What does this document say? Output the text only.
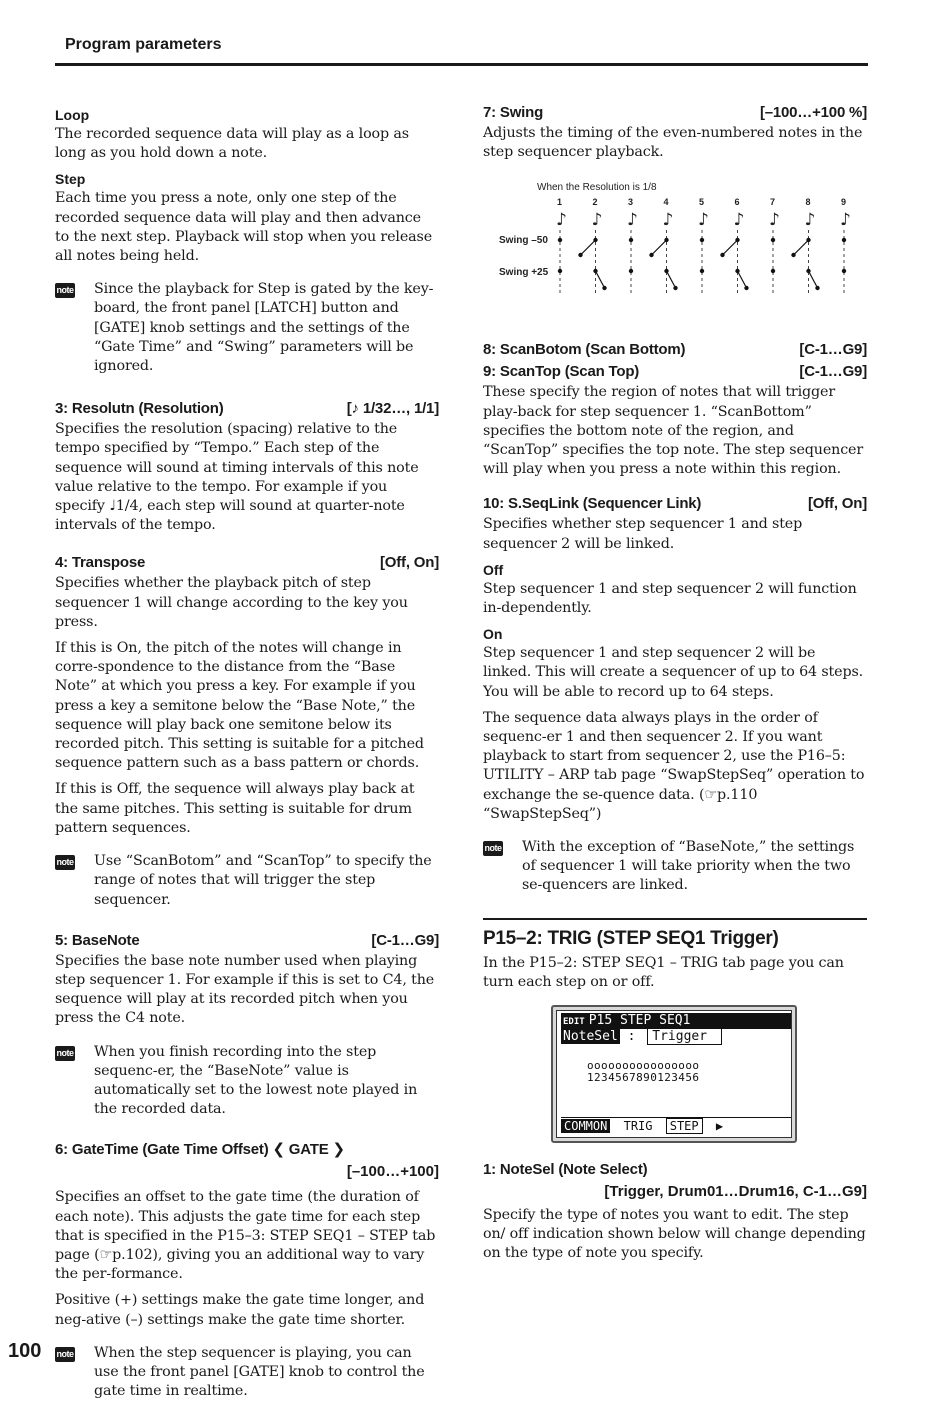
Program parameters
Loop
The recorded sequence data will play as a loop as long as you hold down a note.
Step
Each time you press a note, only one step of the recorded sequence data will play and then advance to the next step. Playback will stop when you release all notes being held.
note Since the playback for Step is gated by the key-board, the front panel [LATCH] button and [GATE] knob settings and the settings of the “Gate Time” and “Swing” parameters will be ignored.
3: Resolutn (Resolution)	[♪ 1/32…, 1/1]
Specifies the resolution (spacing) relative to the tempo specified by “Tempo.” Each step of the sequence will sound at timing intervals of this note value relative to the tempo. For example if you specify ♩1/4, each step will sound at quarter-note intervals of the tempo.
4: Transpose	[Off, On]
Specifies whether the playback pitch of step sequencer 1 will change according to the key you press.
If this is On, the pitch of the notes will change in corre-spondence to the distance from the “Base Note” at which you press a key. For example if you press a key a semitone below the “Base Note,” the sequence will play back one semitone below its recorded pitch. This setting is suitable for a pitched sequence pattern such as a bass pattern or chords.
If this is Off, the sequence will always play back at the same pitches. This setting is suitable for drum pattern sequences.
note Use “ScanBotom” and “ScanTop” to specify the range of notes that will trigger the step sequencer.
5: BaseNote	[C-1…G9]
Specifies the base note number used when playing step sequencer 1. For example if this is set to C4, the sequence will play at its recorded pitch when you press the C4 note.
note When you finish recording into the step sequenc-er, the “BaseNote” value is automatically set to the lowest note played in the recorded data.
6: GateTime (Gate Time Offset) ❮ GATE ❯
[–100…+100]
Specifies an offset to the gate time (the duration of each note). This adjusts the gate time for each step that is specified in the P15–3: STEP SEQ1 – STEP tab page (☞p.102), giving you an additional way to vary the per-formance.
Positive (+) settings make the gate time longer, and neg-ative (–) settings make the gate time shorter.
note When the step sequencer is playing, you can use the front panel [GATE] knob to control the gate time in realtime.
7: Swing	[–100…+100 %]
Adjusts the timing of the even-numbered notes in the step sequencer playback.
8: ScanBotom (Scan Bottom)	[C-1…G9]
9: ScanTop (Scan Top)	[C-1…G9]
These specify the region of notes that will trigger play-back for step sequencer 1. “ScanBottom” specifies the bottom note of the region, and “ScanTop” specifies the top note. The step sequencer will play when you press a note within this region.
10: S.SeqLink (Sequencer Link)	[Off, On]
Specifies whether step sequencer 1 and step sequencer 2 will be linked.
Off
Step sequencer 1 and step sequencer 2 will function in-dependently.
On
Step sequencer 1 and step sequencer 2 will be linked. This will create a sequencer of up to 64 steps. You will be able to record up to 64 steps.
The sequence data always plays in the order of sequenc-er 1 and then sequencer 2. If you want playback to start from sequencer 2, use the P16–5: UTILITY – ARP tab page “SwapStepSeq” operation to exchange the se-quence data. (☞p.110 “SwapStepSeq”)
note With the exception of “BaseNote,” the settings of sequencer 1 will take priority when the two se-quencers are linked.
P15–2: TRIG (STEP SEQ1 Trigger)
In the P15–2: STEP SEQ1 – TRIG tab page you can turn each step on or off.
1: NoteSel (Note Select)
[Trigger, Drum01…Drum16, C-1…G9]
Specify the type of notes you want to edit. The step on/ off indication shown below will change depending on the type of note you specify.
When the Resolution is 1/8
Swing –50
Swing +25
1
♪
2
♪
3
♪
4
♪
5
♪
6
♪
7
♪
8
♪
9
♪
EDIT P15 STEP SEQ1
NoteSel : Trigger
oooooooooooooooo
1234567890123456
COMMON TRIG STEP ▶
100
